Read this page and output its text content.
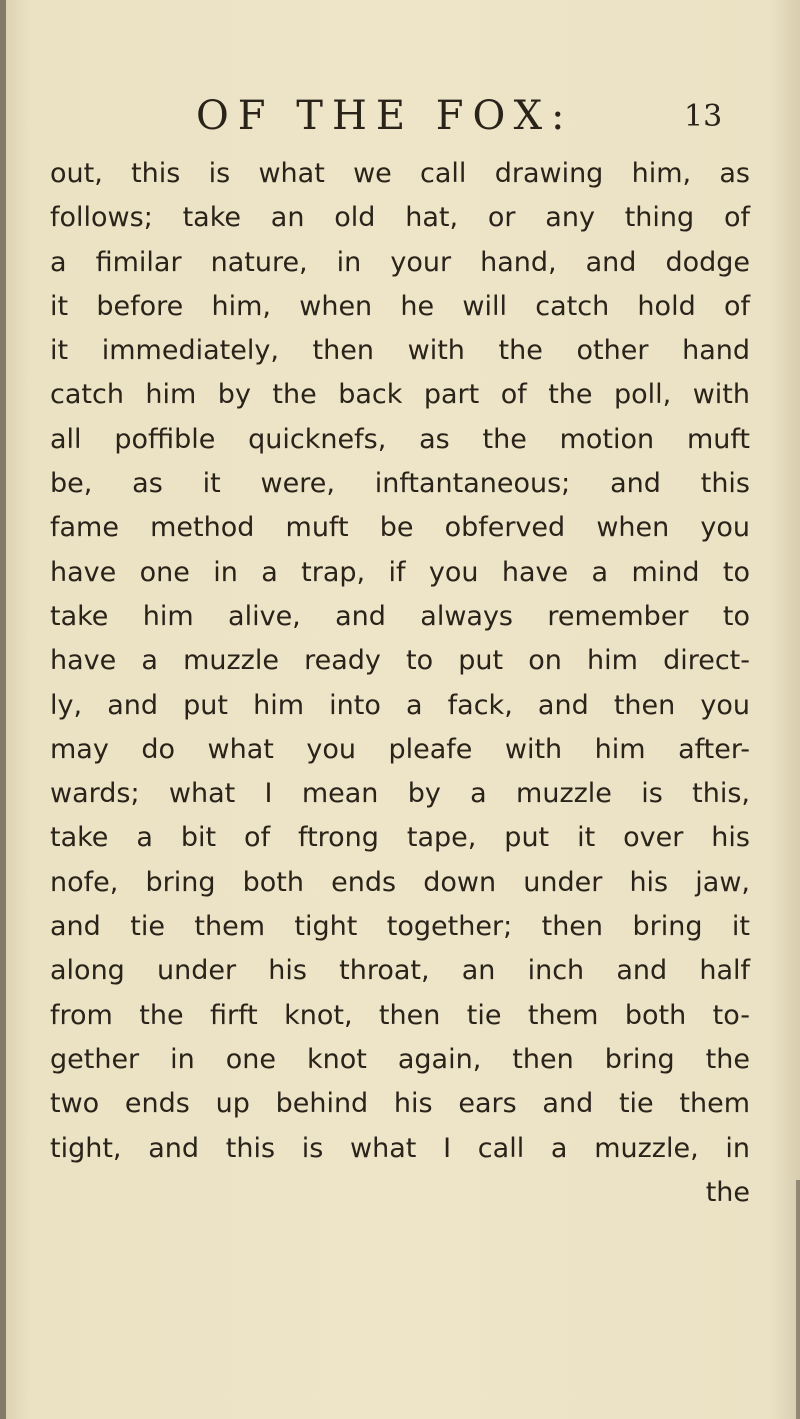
OF THE FOX:	13
out, this is what we call drawing him, as
follows; take an old hat, or any thing of
a fimilar nature, in your hand, and dodge
it before him, when he will catch hold of
it immediately, then with the other hand
catch him by the back part of the poll, with
all poffible quicknefs, as the motion muft
be, as it were, inftantaneous; and this
fame method muft be obferved when you
have one in a trap, if you have a mind to
take him alive, and always remember to
have a muzzle ready to put on him direct-
ly, and put him into a fack, and then you
may do what you pleafe with him after-
wards; what I mean by a muzzle is this,
take a bit of ftrong tape, put it over his
nofe, bring both ends down under his jaw,
and tie them tight together; then bring it
along under his throat, an inch and half
from the firft knot, then tie them both to-
gether in one knot again, then bring the
two ends up behind his ears and tie them
tight, and this is what I call a muzzle, in
the
